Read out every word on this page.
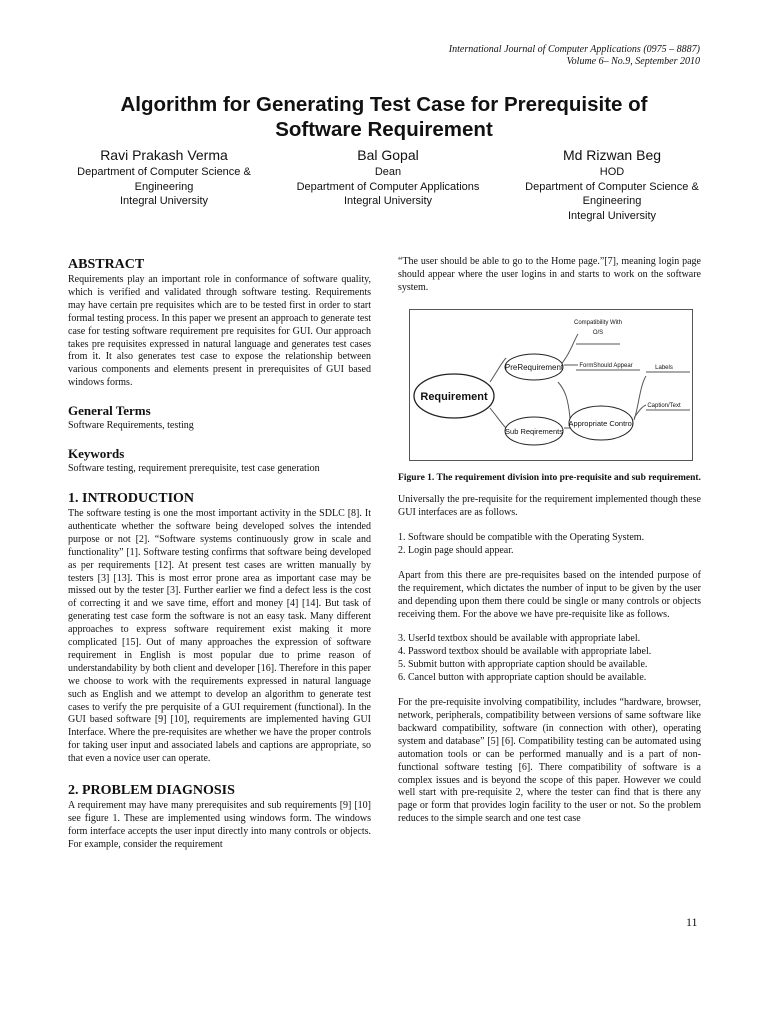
International Journal of Computer Applications (0975 – 8887)
Volume 6– No.9, September 2010
Algorithm for Generating Test Case for Prerequisite of
Software Requirement
Ravi Prakash Verma
Department of Computer Science &
Engineering
Integral University
Bal Gopal
Dean
Department of Computer Applications
Integral University
Md Rizwan Beg
HOD
Department of Computer Science &
Engineering
Integral University
ABSTRACT

Requirements play an important role in conformance of software quality, which is verified and validated through software testing. Requirements may have certain pre requisites which are to be tested first in order to start formal testing process. In this paper we present an approach to generate test case for testing software requirement pre requisites for GUI. Our approach takes pre requisites expressed in natural language and generates test cases from it. It also generates test case to expose the relationship between various components and elements present in prerequisites of GUI based windows forms.

General Terms

Software Requirements, testing

Keywords

Software testing, requirement prerequisite, test case generation

1. INTRODUCTION

The software testing is one the most important activity in the SDLC [8]. It authenticate whether the software being developed solves the intended purpose or not [2]. “Software systems continuously grow in scale and functionality” [1]. Software testing confirms that software being developed as per requirements [12]. At present test cases are written manually by testers [3] [13]. This is most error prone area as important case may be missed out by the tester [3]. Further earlier we find a defect less is the cost of correcting it and we save time, effort and money [4] [14]. But task of generating test case form the software is not an easy task. Many different approaches to express software requirement exist making it more complicated [15]. Out of many approaches the expression of software requirement in English is most popular due to prime reason of understandability by both client and developer [16]. Therefore in this paper we choose to work with the requirements expressed in natural language such as English and we attempt to develop an algorithm to generate test cases to verify the pre perquisite of a GUI requirement (functional). In the GUI based software [9] [10], requirements are implemented having GUI Interface. Where the pre-requisites are whether we have the proper controls for taking user input and associated labels and captions are appropriate, so that even a novice user can operate.

2. PROBLEM DIAGNOSIS

A requirement may have many prerequisites and sub requirements [9] [10] see figure 1. These are implemented using windows form. The windows form interface accepts the user input directly into many controls or objects. For example, consider the requirement

“The user should be able to go to the Home page.”[7], meaning login page should appear where the user logins in and starts to work on the software system.

Requirement
PreRequirement
Sub Reqirements
Appropriate Control
Compatibility With
O/S
FormShould Appear	Labels
Caption/Text
Figure 1. The requirement division into pre-requisite and sub requirement.

Universally the pre-requisite for the requirement implemented though these GUI interfaces are as follows.

1. Software should be compatible with the Operating System.

2. Login page should appear.

Apart from this there are pre-requisites based on the intended purpose of the requirement, which dictates the number of input to be given by the user and depending upon them there could be single or many controls or objects receiving them. For the above we have pre-requisite like as follows.

3. UserId textbox should be available with appropriate label.

4. Password textbox should be available with appropriate label.

5. Submit button with appropriate caption should be available.

6. Cancel button with appropriate caption should be available.

For the pre-requisite involving compatibility, includes “hardware, browser, network, peripherals, compatibility between versions of same software like backward compatibility, software (in connection with other), operating system and database” [5] [6]. Compatibility testing can be automated using automation tools or can be performed manually and is a part of non-functional software testing [6]. There compatibility of software is a complex issues and is beyond the scope of this paper. However we could well start with pre-requisite 2, where the tester can find that is there any page or form that provides login facility to the user or not. So the problem reduces to the simple search and one test case

11
